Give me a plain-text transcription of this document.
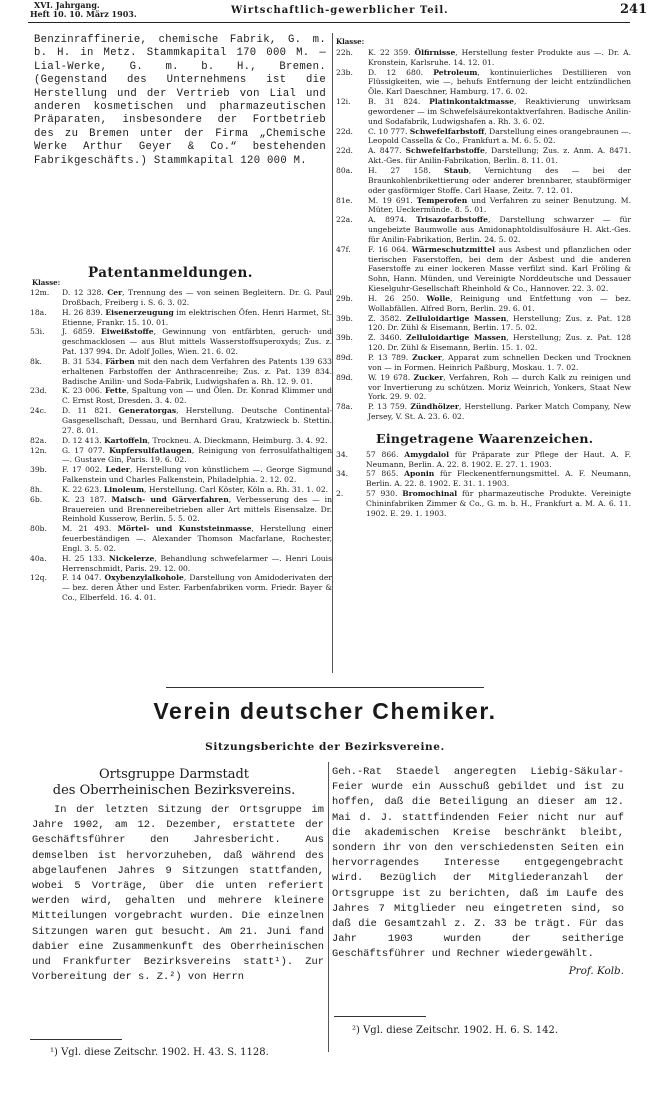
XVI. Jahrgang.
Heft 10. 10. März 1903.	Wirtschaftlich-gewerblicher Teil.	241
Benzinraffinerie, chemische Fabrik, G. m. b. H. in Metz. Stammkapital 170 000 M. — Lial-Werke, G. m. b. H., Bremen. (Gegenstand des Unternehmens ist die Herstellung und der Vertrieb von Lial und anderen kosmetischen und pharmazeutischen Präparaten, insbesondere der Fortbetrieb des zu Bremen unter der Firma „Chemische Werke Arthur Geyer & Co.“ bestehenden Fabrikgeschäfts.) Stammkapital 120 000 M.
Patentanmeldungen.
Klasse:
12m. D. 12 328. Cer, Trennung des — von seinen Begleitern. Dr. G. Paul Droßbach, Freiberg i. S. 6. 3. 02.
18a. H. 26 839. Eisenerzeugung im elektrischen Öfen. Henri Harmet, St. Etienne, Frankr. 15. 10. 01.
53i. J. 6859. Eiweißstoffe, Gewinnung von entfärbten, geruch- und geschmacklosen — aus Blut mittels Wasserstoffsuperoxyds; Zus. z. Pat. 137 994. Dr. Adolf Jolles, Wien. 21. 6. 02.
8k.	B. 31 534. Färben mit den nach dem Verfahren des Patents 139 633 erhaltenen Farbstoffen der Anthracenreihe; Zus. z. Pat. 139 834. Badische Anilin- und Soda-Fabrik, Ludwigshafen a. Rh. 12. 9. 01.
23d. K. 23 006. Fette, Spaltung von — und Ölen. Dr. Konrad Klimmer und C. Ernst Rost, Dresden. 3. 4. 02.
24c. D. 11 821. Generatorgas, Herstellung. Deutsche Continental-Gasgesellschaft, Dessau, und Bernhard Grau, Kratzwieck b. Stettin. 27. 8. 01.
82a. D. 12 413. Kartoffeln, Trockneu. A. Dieckmann, Heimburg. 3. 4. 92.
12n. G. 17 077. Kupfersulfatlaugen, Reinigung von ferrosulfathaltigen —. Gustave Gin, Paris. 19. 6. 02.
39b. F. 17 002. Leder, Herstellung von künstlichem —. George Sigmund Falkenstein und Charles Falkenstein, Philadelphia. 2. 12. 02.
8h.	K. 22 623. Linoleum, Herstellung. Carl Köster, Köln a. Rh. 31. 1. 02.
6b.	K. 23 187. Maisch- und Gärverfahren, Verbesserung des — in Brauereien und Brennereibetrieben aller Art mittels Eisensalze. Dr. Reinhold Kusserow, Berlin. 5. 5. 02.
80b. M. 21 493. Mörtel- und Kunststeinmasse, Herstellung einer feuerbeständigen —. Alexander Thomson Macfarlane, Rochester, Engl. 3. 5. 02.
40a. H. 25 133. Nickelerze, Behandlung schwefelarmer —. Henri Louis Herrenschmidt, Paris. 29. 12. 00.
12q. F. 14 047. Oxybenzylalkohole, Darstellung von Amidoderivaten der — bez. deren Äther und Ester. Farbenfabriken vorm. Friedr. Bayer & Co., Elberfeld. 16. 4. 01.
Klasse:
22h. K. 22 359. Ölfirnisse, Herstellung fester Produkte aus —. Dr. A. Kronstein, Karlsruhe. 14. 12. 01.
23b. D. 12 680. Petroleum, kontinuierliches Destillieren von Flüssigkeiten, wie —, behufs Entfernung der leicht entzündlichen Öle. Karl Daeschner, Hamburg. 17. 6. 02.
12i. B. 31 824. Platinkontaktmasse, Reaktivierung unwirksam gewordener — im Schwefelsäurekontaktverfahren. Badische Anilin- und Sodafabrik, Ludwigshafen a. Rh. 3. 6. 02.
22d. C. 10 777. Schwefelfarbstoff, Darstellung eines orangebraunen —. Leopold Cassella & Co., Frankfurt a. M. 6. 5. 02.
22d. A. 8477. Schwefelfarbstoffe, Darstellung; Zus. z. Anm. A. 8471. Akt.-Ges. für Anilin-Fabrikation, Berlin. 8. 11. 01.
80a. H. 27 158. Staub, Vernichtung des — bei der Braunkohlenbrikettierung oder anderer brennbarer, staubförmiger oder gasförmiger Stoffe. Carl Haase, Zeitz. 7. 12. 01.
81e. M. 19 691. Temperofen und Verfahren zu seiner Benutzung. M. Müter, Ueckermünde. 8. 5. 01.
22a. A. 8974. Trisazofarbstoffe, Darstellung schwarzer — für ungebeizte Baumwolle aus Amidonaphtoldisulfosäure H. Akt.-Ges. für Anilin-Fabrikation, Berlin. 24. 5. 02.
47f. F. 16 064. Wärmeschutzmittel aus Asbest und pflanzlichen oder tierischen Faserstoffen, bei dem der Asbest und die anderen Faserstoffe zu einer lockeren Masse verfilzt sind. Karl Fröling & Sohn, Hann. Münden, und Vereinigte Norddeutsche und Dessauer Kieselguhr-Gesellschaft Rheinhold & Co., Hannover. 22. 3. 02.
29b. H. 26 250. Wolle, Reinigung und Entfettung von — bez. Wollabfällen. Alfred Born, Berlin. 29. 6. 01.
39b. Z. 3582. Zelluloidartige Massen, Herstellung; Zus. z. Pat. 128 120. Dr. Zühl & Eisemann, Berlin. 17. 5. 02.
39b. Z. 3460. Zelluloidartige Massen, Herstellung; Zus. z. Pat. 128 120. Dr. Zühl & Eisemann, Berlin. 15. 1. 02.
89d. P. 13 789. Zucker, Apparat zum schnellen Decken und Trocknen von — in Formen. Heinrich Paßburg, Moskau. 1. 7. 02.
89d. W. 19 678. Zucker, Verfahren, Roh — durch Kalk zu reinigen und vor Invertierung zu schützen. Moriz Weinrich, Yonkers, Staat New York. 29. 9. 02.
78a. P. 13 759. Zündhölzer, Herstellung. Parker Match Company, New Jersey, V. St. A. 23. 6. 02.
Eingetragene Waarenzeichen.
34. 57 866. Amygdalol für Präparate zur Pflege der Haut. A. F. Neumann, Berlin. A. 22. 8. 1902. E. 27. 1. 1903.
34. 57 865. Aponin für Fleckenentfernungsmittel. A. F. Neumann, Berlin. A. 22. 8. 1902. E. 31. 1. 1903.
2.	57 930. Bromochinal für pharmazeutische Produkte. Vereinigte Chininfabriken Zimmer & Co., G. m. b. H., Frankfurt a. M. A. 6. 11. 1902. E. 29. 1. 1903.
Verein deutscher Chemiker.
Sitzungsberichte der Bezirksvereine.
Ortsgruppe Darmstadt
des Oberrheinischen Bezirksvereins.
In der letzten Sitzung der Ortsgruppe im Jahre 1902, am 12. Dezember, erstattete der Geschäftsführer den Jahresbericht. Aus demselben ist hervorzuheben, daß während des abgelaufenen Jahres 9 Sitzungen stattfanden, wobei 5 Vorträge, über die unten referiert werden wird, gehalten und mehrere kleinere Mitteilungen vorgebracht wurden. Die einzelnen Sitzungen waren gut besucht. Am 21. Juni fand dabier eine Zusammenkunft des Oberrheinischen und Frankfurter Bezirksvereins statt¹). Zur Vorbereitung der s. Z.²) von Herrn
Geh.-Rat Staedel angeregten Liebig-Säkular-Feier wurde ein Ausschuß gebildet und ist zu hoffen, daß die Beteiligung an dieser am 12. Mai d. J. stattfindenden Feier nicht nur auf die akademischen Kreise beschränkt bleibt, sondern ihr von den verschiedensten Seiten ein hervorragendes Interesse entgegengebracht wird. Bezüglich der Mitgliederanzahl der Ortsgruppe ist zu berichten, daß im Laufe des Jahres 7 Mitglieder neu eingetreten sind, so daß die Gesamtzahl z. Z. 33 be trägt. Für das Jahr 1903 wurden der seitherige Geschäftsführer und Rechner wiedergewählt.
Prof. Kolb.
¹) Vgl. diese Zeitschr. 1902. H. 43. S. 1128.
²) Vgl. diese Zeitschr. 1902. H. 6. S. 142.
